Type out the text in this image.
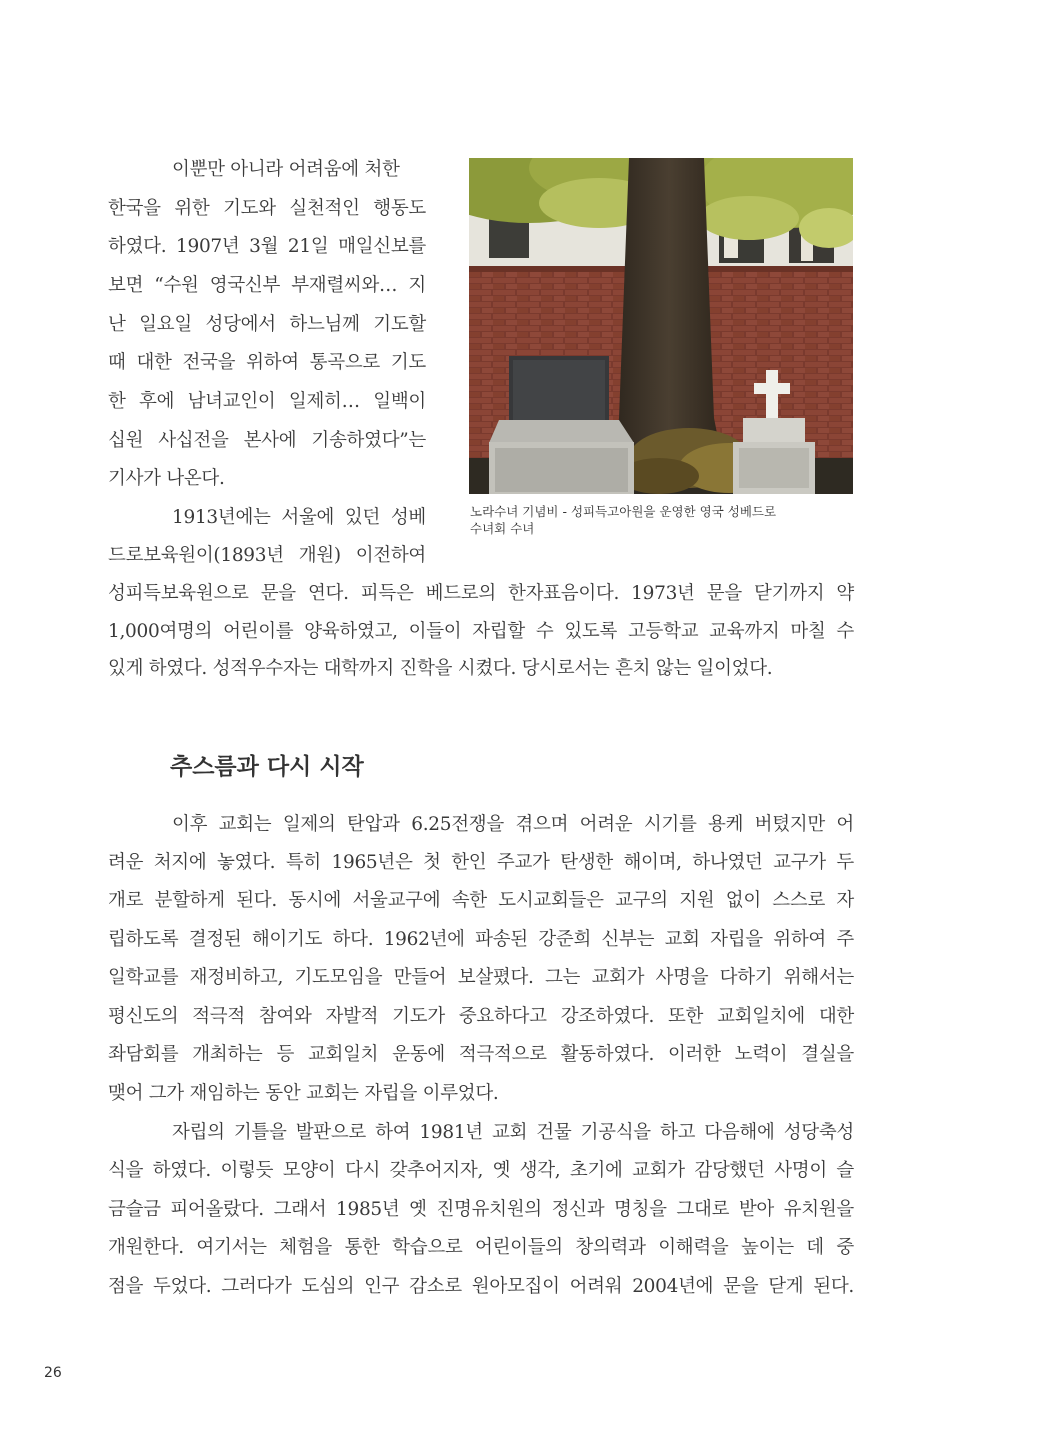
이뿐만 아니라 어려움에 처한
한국을 위한 기도와 실천적인 행동도
하였다. 1907년 3월 21일 매일신보를
보면 “수원 영국신부 부재렬씨와… 지
난 일요일 성당에서 하느님께 기도할
때 대한 전국을 위하여 통곡으로 기도
한 후에 남녀교인이 일제히… 일백이
십원 사십전을 본사에 기송하였다”는
기사가 나온다.
1913년에는 서울에 있던 성베
드로보육원이(1893년 개원) 이전하여
성피득보육원으로 문을 연다. 피득은 베드로의 한자표음이다. 1973년 문을 닫기까지 약
1,000여명의 어린이를 양육하였고, 이들이 자립할 수 있도록 고등학교 교육까지 마칠 수
있게 하였다. 성적우수자는 대학까지 진학을 시켰다. 당시로서는 흔치 않는 일이었다.
노라수녀 기념비 - 성피득고아원을 운영한 영국 성베드로
수녀회 수녀
추스름과 다시 시작
이후 교회는 일제의 탄압과 6.25전쟁을 겪으며 어려운 시기를 용케 버텼지만 어
려운 처지에 놓였다. 특히 1965년은 첫 한인 주교가 탄생한 해이며, 하나였던 교구가 두
개로 분할하게 된다. 동시에 서울교구에 속한 도시교회들은 교구의 지원 없이 스스로 자
립하도록 결정된 해이기도 하다. 1962년에 파송된 강준희 신부는 교회 자립을 위하여 주
일학교를 재정비하고, 기도모임을 만들어 보살폈다. 그는 교회가 사명을 다하기 위해서는
평신도의 적극적 참여와 자발적 기도가 중요하다고 강조하였다. 또한 교회일치에 대한
좌담회를 개최하는 등 교회일치 운동에 적극적으로 활동하였다. 이러한 노력이 결실을
맺어 그가 재임하는 동안 교회는 자립을 이루었다.
자립의 기틀을 발판으로 하여 1981년 교회 건물 기공식을 하고 다음해에 성당축성
식을 하였다. 이렇듯 모양이 다시 갖추어지자, 옛 생각, 초기에 교회가 감당했던 사명이 슬
금슬금 피어올랐다. 그래서 1985년 옛 진명유치원의 정신과 명칭을 그대로 받아 유치원을
개원한다. 여기서는 체험을 통한 학습으로 어린이들의 창의력과 이해력을 높이는 데 중
점을 두었다. 그러다가 도심의 인구 감소로 원아모집이 어려워 2004년에 문을 닫게 된다.
26
